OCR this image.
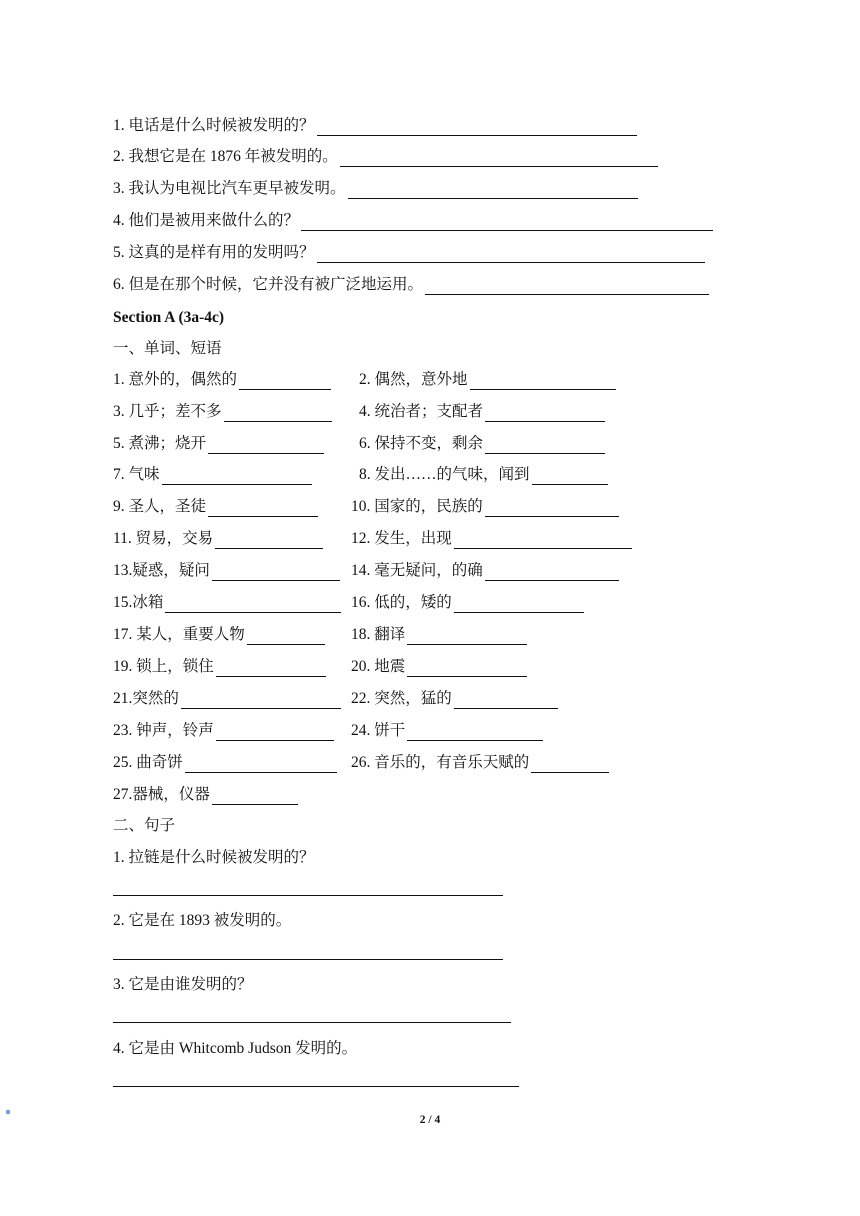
1. 电话是什么时候被发明的？
2. 我想它是在 1876 年被发明的。
3. 我认为电视比汽车更早被发明。
4. 他们是被用来做什么的？
5. 这真的是样有用的发明吗？
6. 但是在那个时候，它并没有被广泛地运用。
Section A (3a-4c)
一、单词、短语
1. 意外的，偶然的	2. 偶然，意外地
3. 几乎；差不多	4. 统治者；支配者
5. 煮沸；烧开	6. 保持不变，剩余
7. 气味	8. 发出……的气味，闻到
9. 圣人，圣徒	10. 国家的，民族的
11. 贸易，交易	12. 发生，出现
13.疑惑，疑问	14. 毫无疑问，的确
15.冰箱	16. 低的，矮的
17. 某人，重要人物	18. 翻译
19. 锁上，锁住	20. 地震
21.突然的	22. 突然，猛的
23. 钟声，铃声	24. 饼干
25. 曲奇饼	26. 音乐的，有音乐天赋的
27.器械，仪器
二、句子
1. 拉链是什么时候被发明的？
2. 它是在 1893 被发明的。
3. 它是由谁发明的？
4. 它是由 Whitcomb Judson 发明的。
2 / 4
